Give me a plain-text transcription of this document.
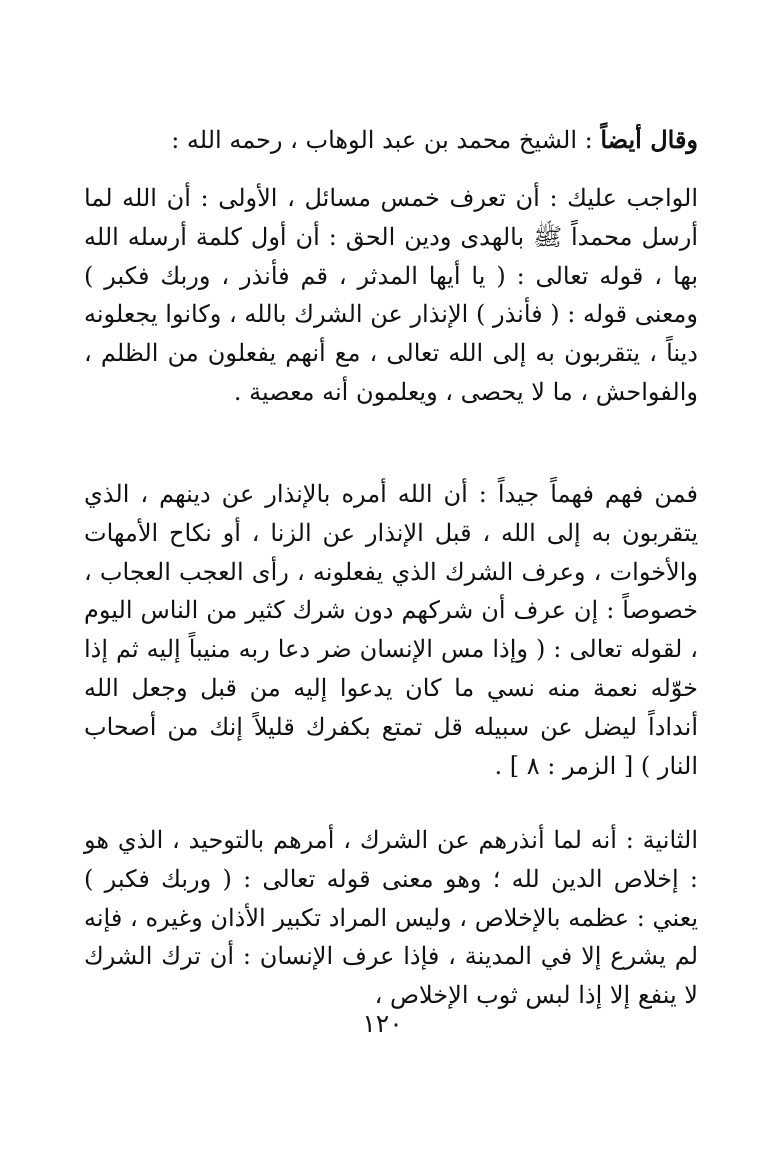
وقال أيضاً : الشيخ محمد بن عبد الوهاب ، رحمه الله :

الواجب عليك : أن تعرف خمس مسائل ، الأولى : أن الله لما أرسل محمداً ﷺ بالهدى ودين الحق : أن أول كلمة أرسله الله بها ، قوله تعالى : ( يا أيها المدثر ، قم فأنذر ، وربك فكبر ) ومعنى قوله : ( فأنذر ) الإنذار عن الشرك بالله ، وكانوا يجعلونه ديناً ، يتقربون به إلى الله تعالى ، مع أنهم يفعلون من الظلم ، والفواحش ، ما لا يحصى ، ويعلمون أنه معصية .

فمن فهم فهماً جيداً : أن الله أمره بالإنذار عن دينهم ، الذي يتقربون به إلى الله ، قبل الإنذار عن الزنا ، أو نكاح الأمهات والأخوات ، وعرف الشرك الذي يفعلونه ، رأى العجب العجاب ، خصوصاً : إن عرف أن شركهم دون شرك كثير من الناس اليوم ، لقوله تعالى : ( وإذا مس الإنسان ضر دعا ربه منيباً إليه ثم إذا خوّله نعمة منه نسي ما كان يدعوا إليه من قبل وجعل الله أنداداً ليضل عن سبيله قل تمتع بكفرك قليلاً إنك من أصحاب النار ) [ الزمر : ٨ ] .

الثانية : أنه لما أنذرهم عن الشرك ، أمرهم بالتوحيد ، الذي هو : إخلاص الدين لله ؛ وهو معنى قوله تعالى : ( وربك فكبر ) يعني : عظمه بالإخلاص ، وليس المراد تكبير الأذان وغيره ، فإنه لم يشرع إلا في المدينة ، فإذا عرف الإنسان : أن ترك الشرك لا ينفع إلا إذا لبس ثوب الإخلاص ،

١٢٠
